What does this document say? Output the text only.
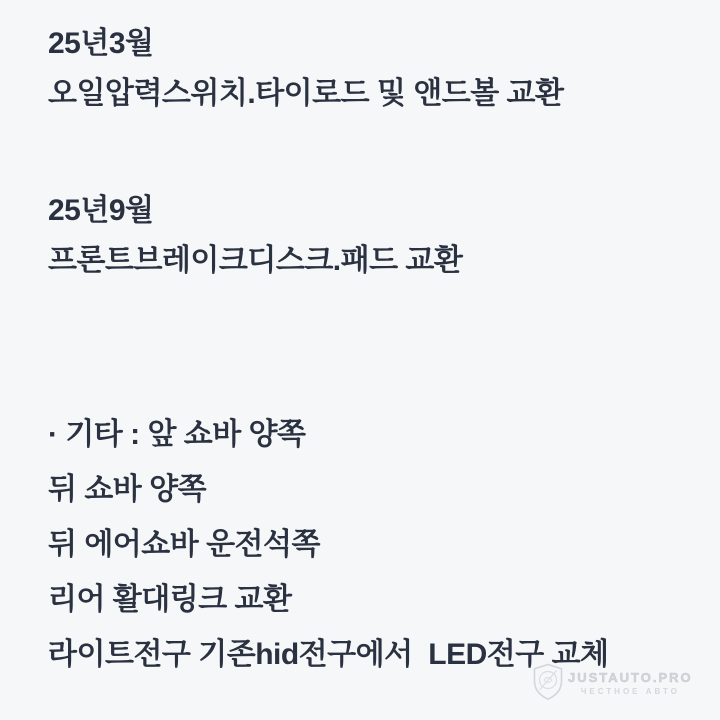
25년3월

오일압력스위치.타이로드 및 앤드볼 교환

25년9월

프론트브레이크디스크.패드 교환

· 기타 : 앞 쇼바 양쪽

뒤 쇼바 양쪽

뒤 에어쇼바 운전석쪽

리어 활대링크 교환

라이트전구 기존hid전구에서  LED전구 교체

JUSTAUTO.PRO
ЧЕСТНОЕ АВТО
